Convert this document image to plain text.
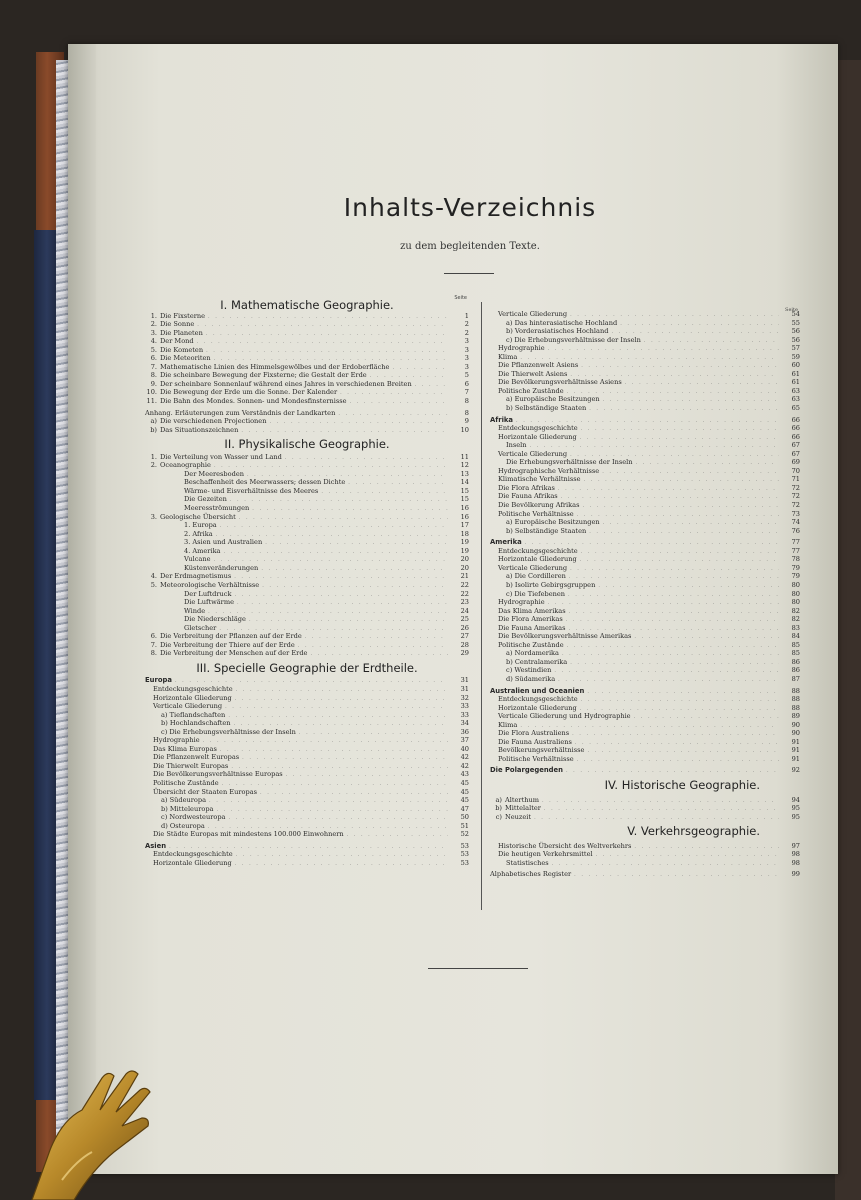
Inhalts-Verzeichnis
zu dem begleitenden Texte.
I. Mathematische Geographie.	Seite
1. Die Fixsterne . . .	1
2. Die Sonne . . .	2
3. Die Planeten . . .	2
4. Der Mond . . .	3
5. Die Kometen . . .	3
6. Die Meteoriten . . .	3
7. Mathematische Linien des Himmelsgewölbes und der Erdoberfläche . . .	3
8. Die scheinbare Bewegung der Fixsterne; die Gestalt der Erde . . .	5
9. Der scheinbare Sonnenlauf während eines Jahres in verschiedenen Breiten . . .	6
10. Die Bewegung der Erde um die Sonne. Der Kalender . . .	7
11. Die Bahn des Mondes. Sonnen- und Mondesfinsternisse . . .	8
Anhang. Erläuterungen zum Verständnis der Landkarten . . .	8
a) Die verschiedenen Projectionen . . .	9
b) Das Situationszeichnen . . .	10
II. Physikalische Geographie.
1. Die Verteilung von Wasser und Land . . .	11
2. Oceanographie . . .	12
Der Meeresboden . . .	13
Beschaffenheit des Meerwassers; dessen Dichte . . .	14
Wärme- und Eisverhältnisse des Meeres . . .	15
Die Gezeiten . . .	15
Meeresströmungen . . .	16
3. Geologische Übersicht . . .	16
1. Europa . . .	17
2. Afrika . . .	18
3. Asien und Australien . . .	19
4. Amerika . . .	19
Vulcane . . .	20
Küstenveränderungen . . .	20
4. Der Erdmagnetismus . . .	21
5. Meteorologische Verhältnisse . . .	22
Der Luftdruck . . .	22
Die Luftwärme . . .	23
Winde . . .	24
Die Niederschläge . . .	25
Gletscher . . .	26
6. Die Verbreitung der Pflanzen auf der Erde . . .	27
7. Die Verbreitung der Thiere auf der Erde . . .	28
8. Die Verbreitung der Menschen auf der Erde . . .	29
III. Specielle Geographie der Erdtheile.
Europa . . .	31
Entdeckungsgeschichte . . .	31
Horizontale Gliederung . . .	32
Verticale Gliederung . . .	33
a) Tieflandschaften . . .	33
b) Hochlandschaften . . .	34
c) Die Erhebungsverhältnisse der Inseln . . .	36
Hydrographie . . .	37
Das Klima Europas . . .	40
Die Pflanzenwelt Europas . . .	42
Die Thierwelt Europas . . .	42
Die Bevölkerungsverhältnisse Europas . . .	43
Politische Zustände . . .	45
Übersicht der Staaten Europas . . .	45
a) Südeuropa . . .	45
b) Mitteleuropa . . .	47
c) Nordwesteuropa . . .	50
d) Osteuropa . . .	51
Die Städte Europas mit mindestens 100.000 Einwohnern . . .	52
Asien . . .	53
Entdeckungsgeschichte . . .	53
Horizontale Gliederung . . .	53
Seite
Verticale Gliederung . . .	54
a) Das hinterasiatische Hochland . . .	55
b) Vorderasiatisches Hochland . . .	56
c) Die Erhebungsverhältnisse der Inseln . . .	56
Hydrographie . . .	57
Klima . . .	59
Die Pflanzenwelt Asiens . . .	60
Die Thierwelt Asiens . . .	61
Die Bevölkerungsverhältnisse Asiens . . .	61
Politische Zustände . . .	63
a) Europäische Besitzungen . . .	63
b) Selbständige Staaten . . .	65
Afrika . . .	66
Entdeckungsgeschichte . . .	66
Horizontale Gliederung . . .	66
Inseln . . .	67
Verticale Gliederung . . .	67
Die Erhebungsverhältnisse der Inseln . . .	69
Hydrographische Verhältnisse . . .	70
Klimatische Verhältnisse . . .	71
Die Flora Afrikas . . .	72
Die Fauna Afrikas . . .	72
Die Bevölkerung Afrikas . . .	72
Politische Verhältnisse . . .	73
a) Europäische Besitzungen . . .	74
b) Selbständige Staaten . . .	76
Amerika . . .	77
Entdeckungsgeschichte . . .	77
Horizontale Gliederung . . .	78
Verticale Gliederung . . .	79
a) Die Cordilleren . . .	79
b) Isolirte Gebirgsgruppen . . .	80
c) Die Tiefebenen . . .	80
Hydrographie . . .	80
Das Klima Amerikas . . .	82
Die Flora Amerikas . . .	82
Die Fauna Amerikas . . .	83
Die Bevölkerungsverhältnisse Amerikas . . .	84
Politische Zustände . . .	85
a) Nordamerika . . .	85
b) Centralamerika . . .	86
c) Westindien . . .	86
d) Südamerika . . .	87
Australien und Oceanien . . .	88
Entdeckungsgeschichte . . .	88
Horizontale Gliederung . . .	88
Verticale Gliederung und Hydrographie . . .	89
Klima . . .	90
Die Flora Australiens . . .	90
Die Fauna Australiens . . .	91
Bevölkerungsverhältnisse . . .	91
Politische Verhältnisse . . .	91
Die Polargegenden . . .	92
IV. Historische Geographie.
a) Alterthum . . .	94
b) Mittelalter . . .	95
c) Neuzeit . . .	95
V. Verkehrsgeographie.
Historische Übersicht des Weltverkehrs . . .	97
Die heutigen Verkehrsmittel . . .	98
Statistisches . . .	98
Alphabetisches Register . . .	99
